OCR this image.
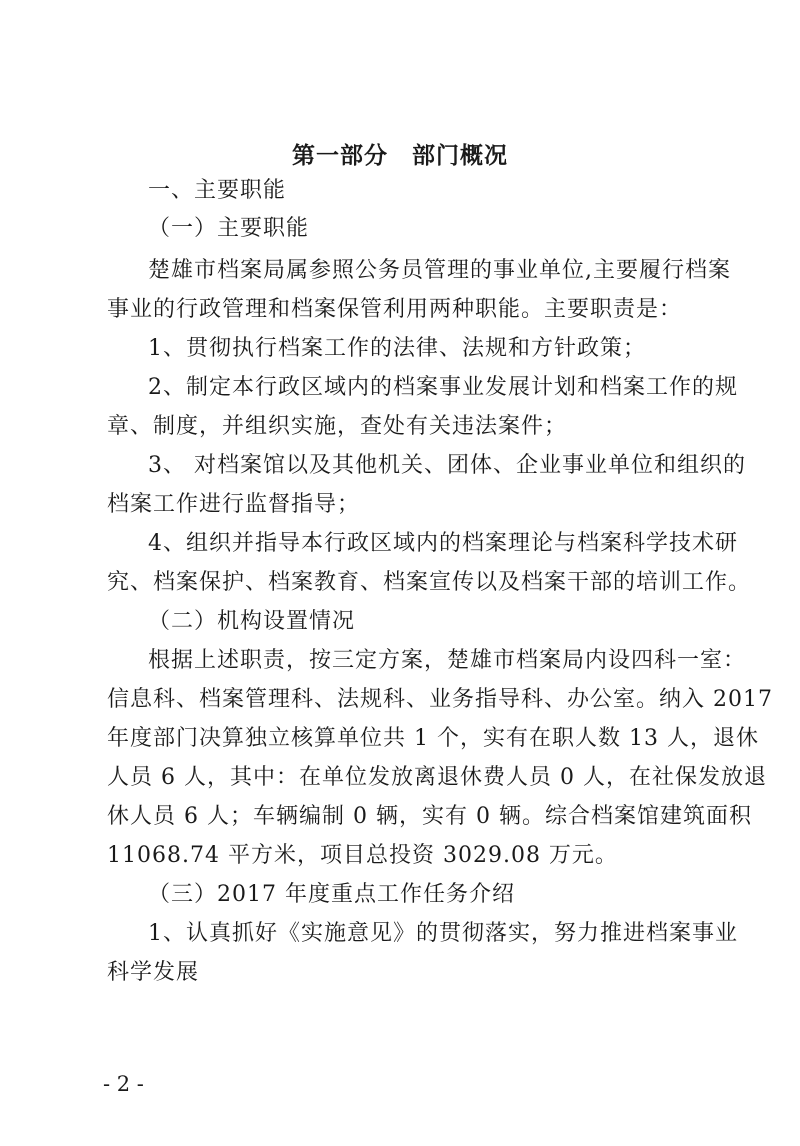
第一部分　部门概况
一、主要职能
（一）主要职能
楚雄市档案局属参照公务员管理的事业单位,主要履行档案
事业的行政管理和档案保管利用两种职能。主要职责是：
1、贯彻执行档案工作的法律、法规和方针政策；
2、制定本行政区域内的档案事业发展计划和档案工作的规
章、制度，并组织实施，查处有关违法案件；
3、 对档案馆以及其他机关、团体、企业事业单位和组织的
档案工作进行监督指导；
4、组织并指导本行政区域内的档案理论与档案科学技术研
究、档案保护、档案教育、档案宣传以及档案干部的培训工作。
（二）机构设置情况
根据上述职责，按三定方案，楚雄市档案局内设四科一室：
信息科、档案管理科、法规科、业务指导科、办公室。纳入 2017
年度部门决算独立核算单位共 1 个，实有在职人数 13 人，退休
人员 6 人，其中：在单位发放离退休费人员 0 人，在社保发放退
休人员 6 人；车辆编制 0 辆，实有 0 辆。综合档案馆建筑面积
11068.74 平方米，项目总投资 3029.08 万元。
（三）2017 年度重点工作任务介绍
1、认真抓好《实施意见》的贯彻落实，努力推进档案事业
科学发展
- 2 -
